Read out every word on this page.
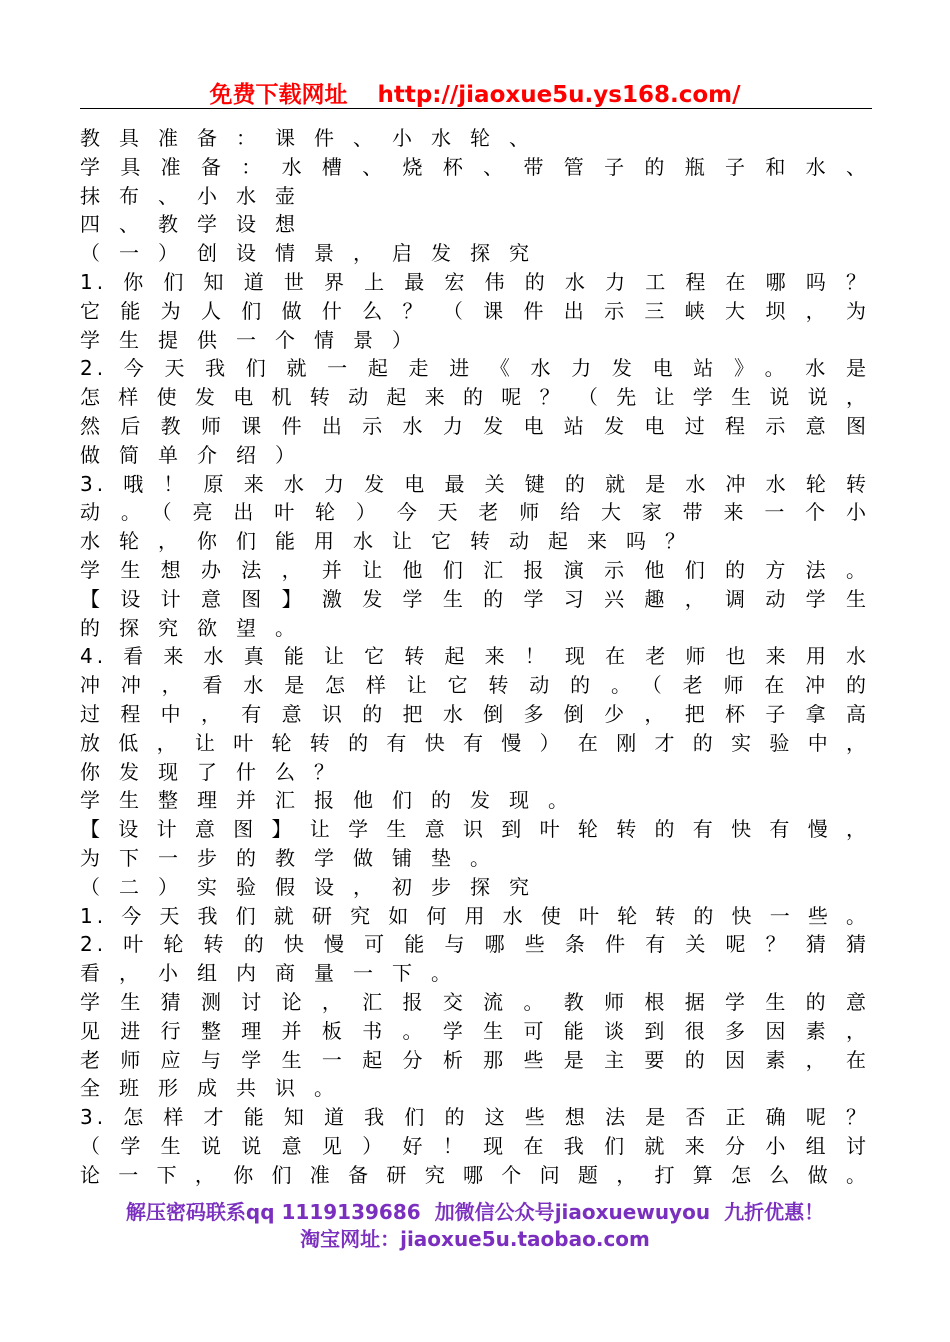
免费下载网址 http://jiaoxue5u.ys168.com/
教具准备：课件、小水轮、
学具准备：水槽、烧杯、带管子的瓶子和水、
抹布、小水壶
四、教学设想
（一）创设情景，启发探究
1.你们知道世界上最宏伟的水力工程在哪吗？
它能为人们做什么？（课件出示三峡大坝，为
学生提供一个情景）
2.今天我们就一起走进《水力发电站》。水是
怎样使发电机转动起来的呢？（先让学生说说，
然后教师课件出示水力发电站发电过程示意图
做简单介绍）
3.哦！原来水力发电最关键的就是水冲水轮转
动。（亮出叶轮）今天老师给大家带来一个小
水轮，你们能用水让它转动起来吗？
学生想办法，并让他们汇报演示他们的方法。
【设计意图】激发学生的学习兴趣，调动学生
的探究欲望。
4.看来水真能让它转起来！现在老师也来用水
冲冲，看水是怎样让它转动的。（老师在冲的
过程中，有意识的把水倒多倒少，把杯子拿高
放低，让叶轮转的有快有慢）在刚才的实验中，
你发现了什么？
学生整理并汇报他们的发现。
【设计意图】让学生意识到叶轮转的有快有慢，
为下一步的教学做铺垫。
（二）实验假设，初步探究
1.今天我们就研究如何用水使叶轮转的快一些。
2.叶轮转的快慢可能与哪些条件有关呢？猜猜
看，小组内商量一下。
学生猜测讨论，汇报交流。教师根据学生的意
见进行整理并板书。学生可能谈到很多因素，
老师应与学生一起分析那些是主要的因素，在
全班形成共识。
3.怎样才能知道我们的这些想法是否正确呢？
（学生说说意见）好！现在我们就来分小组讨
论一下，你们准备研究哪个问题，打算怎么做。
解压密码联系qq 1119139686 加微信公众号jiaoxuewuyou 九折优惠！
淘宝网址：jiaoxue5u.taobao.com
